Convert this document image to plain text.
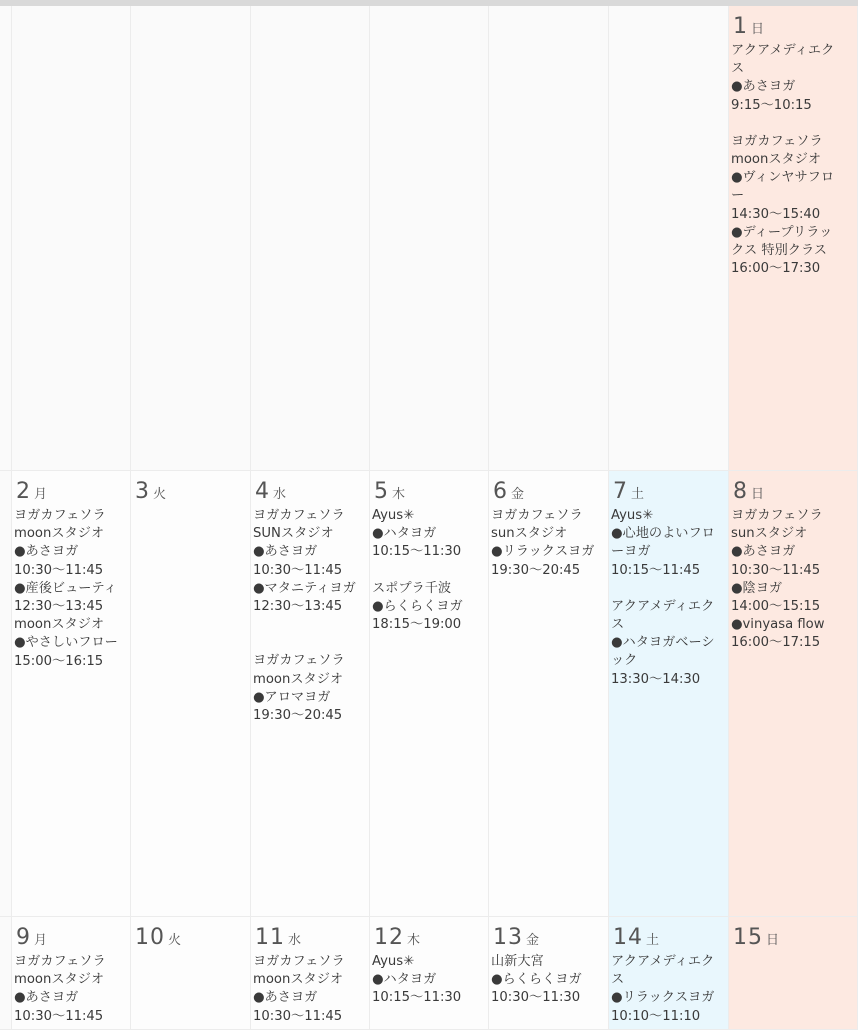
1 日
アクアメディエク
ス
●あさヨガ
9:15〜10:15
ヨガカフェソラ
moonスタジオ
●ヴィンヤサフロ
ー
14:30〜15:40
●ディープリラッ
クス 特別クラス
16:00〜17:30
2 月
ヨガカフェソラ
moonスタジオ
●あさヨガ
10:30〜11:45
●産後ビューティ
12:30〜13:45
moonスタジオ
●やさしいフロー
15:00〜16:15
3 火	4 水
ヨガカフェソラ
SUNスタジオ
●あさヨガ
10:30〜11:45
●マタニティヨガ
12:30〜13:45

ヨガカフェソラ
moonスタジオ
●アロマヨガ
19:30〜20:45
5 木
Ayus✳︎
●ハタヨガ
10:15〜11:30
スポプラ千波
●らくらくヨガ
18:15〜19:00
6 金
ヨガカフェソラ
sunスタジオ
●リラックスヨガ
19:30〜20:45
7 土
Ayus✳︎
●心地のよいフロ
ーヨガ
10:15〜11:45
アクアメディエク
ス
●ハタヨガベーシ
ック
13:30〜14:30
8 日
ヨガカフェソラ
sunスタジオ
●あさヨガ
10:30〜11:45
●陰ヨガ
14:00〜15:15
●vinyasa flow
16:00〜17:15
9 月
ヨガカフェソラ
moonスタジオ
●あさヨガ
10:30〜11:45
10 火	11 水
ヨガカフェソラ
moonスタジオ
●あさヨガ
10:30〜11:45
12 木
Ayus✳︎
●ハタヨガ
10:15〜11:30
13 金
山新大宮
●らくらくヨガ
10:30〜11:30
14 土
アクアメディエク
ス
●リラックスヨガ
10:10〜11:10
15 日
